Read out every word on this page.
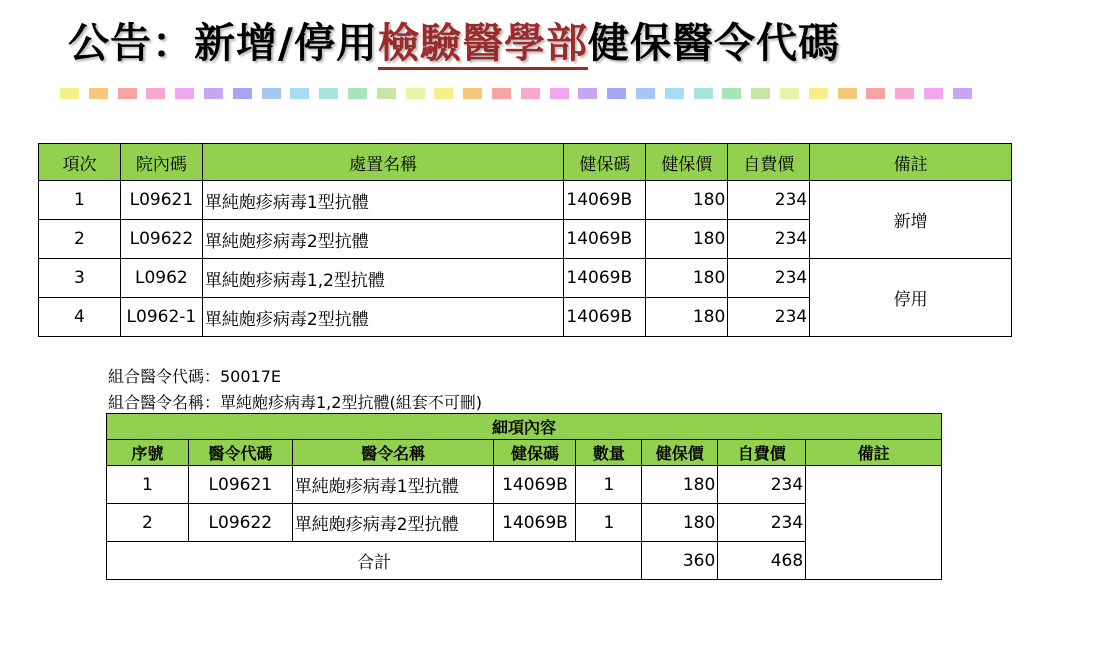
公告：新增/停用檢驗醫學部健保醫令代碼
項次	院內碼	處置名稱	健保碼	健保價	自費價	備註
1	L09621	單純皰疹病毒1型抗體	14069B	180	234	新增
2	L09622	單純皰疹病毒2型抗體	14069B	180	234	
3	L0962	單純皰疹病毒1,2型抗體	14069B	180	234	停用
4	L0962-1	單純皰疹病毒2型抗體	14069B	180	234	
組合醫令代碼：50017E
組合醫令名稱：單純皰疹病毒1,2型抗體(組套不可刪)
細項內容							
序號	醫令代碼	醫令名稱	健保碼	數量	健保價	自費價	備註
1	L09621	單純皰疹病毒1型抗體	14069B	1	180	234	
2	L09622	單純皰疹病毒2型抗體	14069B	1	180	234	
合計					360	468	
